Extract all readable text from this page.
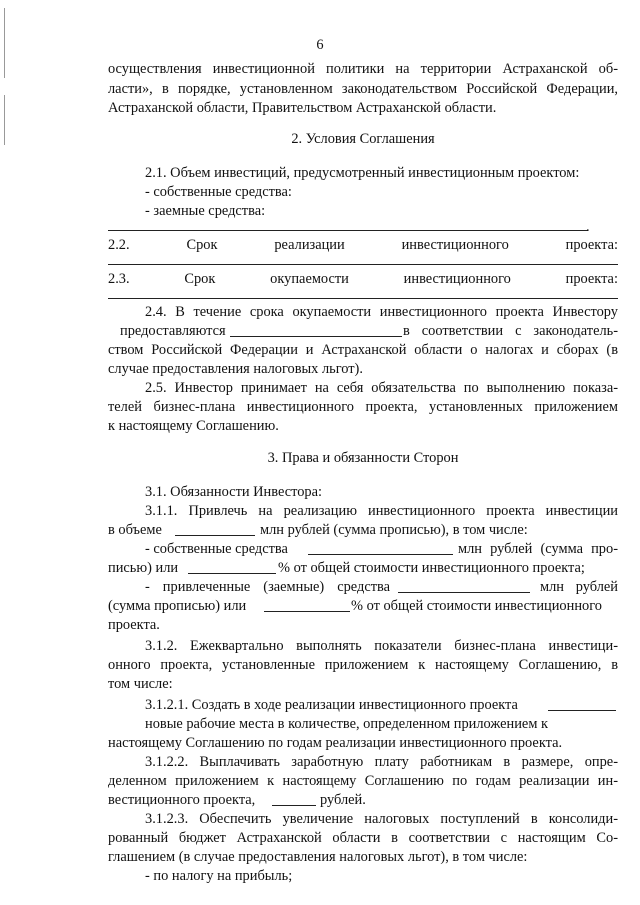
6
осуществления инвестиционной политики на территории Астраханской об-
ласти», в порядке, установленном законодательством Российской Федерации,
Астраханской области, Правительством Астраханской области.
2. Условия Соглашения
2.1. Объем инвестиций, предусмотренный инвестиционным проектом:
- собственные средства:
- заемные средства:
.
2.2.	Срок	реализации	инвестиционного	проекта:
2.3.	Срок	окупаемости	инвестиционного	проекта:
2.4. В течение срока окупаемости инвестиционного проекта Инвестору
предоставляются	в соответствии с законодатель-
ством Российской Федерации и Астраханской области о налогах и сборах (в
случае предоставления налоговых льгот).
2.5. Инвестор принимает на себя обязательства по выполнению показа-
телей бизнес-плана инвестиционного проекта, установленных приложением
к настоящему Соглашению.
3. Права и обязанности Сторон
3.1. Обязанности Инвестора:
3.1.1. Привлечь на реализацию инвестиционного проекта инвестиции
в объеме	млн рублей (сумма прописью), в том числе:
- собственные средства	млн рублей (сумма про-
писью) или	% от общей стоимости инвестиционного проекта;
- привлеченные (заемные) средства	млн рублей
(сумма прописью) или	% от общей стоимости инвестиционного
проекта.
3.1.2. Ежеквартально выполнять показатели бизнес-плана инвестици-
онного проекта, установленные приложением к настоящему Соглашению, в
том числе:
3.1.2.1. Создать в ходе реализации инвестиционного проекта
новые рабочие места в количестве, определенном приложением к
настоящему Соглашению по годам реализации инвестиционного проекта.
3.1.2.2. Выплачивать заработную плату работникам в размере, опре-
деленном приложением к настоящему Соглашению по годам реализации ин-
вестиционного проекта,	рублей.
3.1.2.3. Обеспечить увеличение налоговых поступлений в консолиди-
рованный бюджет Астраханской области в соответствии с настоящим Со-
глашением (в случае предоставления налоговых льгот), в том числе:
- по налогу на прибыль;
